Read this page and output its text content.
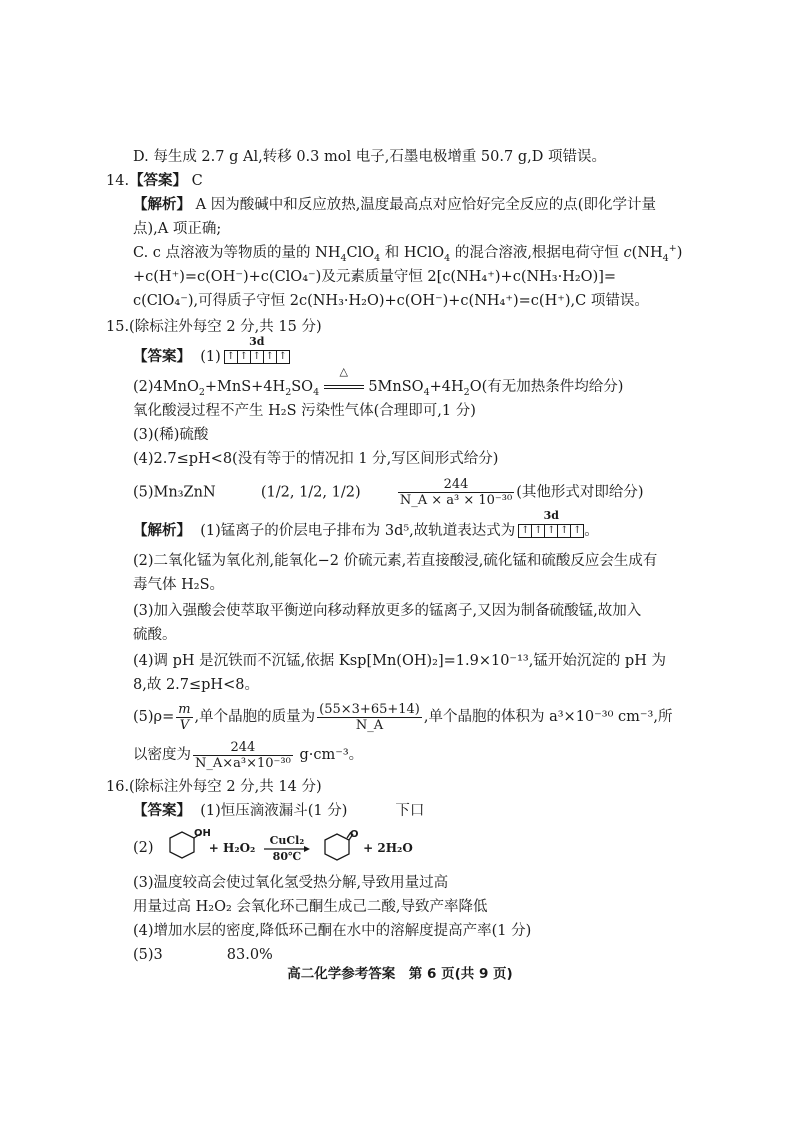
D. 每生成 2.7 g Al,转移 0.3 mol 电子,石墨电极增重 50.7 g,D 项错误。
14.【答案】 C
【解析】 A 因为酸碱中和反应放热,温度最高点对应恰好完全反应的点(即化学计量
点),A 项正确;
C. c 点溶液为等物质的量的 $NH_4ClO_4$ 和 HClO$_4$ 的混合溶液,根据电荷守恒 $c(NH_4^+)$
+c(H⁺)=c(OH⁻)+c(ClO₄⁻)及元素质量守恒 2[c(NH₄⁺)+c(NH₃·H₂O)]=
c(ClO₄⁻),可得质子守恒 2c(NH₃·H₂O)+c(OH⁻)+c(NH₄⁺)=c(H⁺),C 项错误。
15.(除标注外每空 2 分,共 15 分)
【答案】 (1)
3d
↑ ↑ ↑ ↑ ↑
$(2)4MnO_2+MnS+4H_2SO_4$
△
$5MnSO_4+4H_2O$(有无加热条件均给分)
氧化酸浸过程不产生 H₂S 污染性气体(合理即可,1 分)
(3)(稀)硫酸
(4)2.7≤pH<8(没有等于的情况扣 1 分,写区间形式给分)
(5)Mn₃ZnN	(1/2, 1/2, 1/2)	$\frac{244}{\text{N\_A × a³ × 10⁻³⁰}}$ (其他形式对即给分)
【解析】 (1)锰离子的价层电子排布为 3d⁵,故轨道表达式为
3d
↑ ↑ ↑ ↑ ↑ 。
(2)二氧化锰为氧化剂,能氧化−2 价硫元素,若直接酸浸,硫化锰和硫酸反应会生成有
毒气体 H₂S。
(3)加入强酸会使萃取平衡逆向移动释放更多的锰离子,又因为制备硫酸锰,故加入
硫酸。
(4)调 pH 是沉铁而不沉锰,依据 Ksp[Mn(OH)₂]=1.9×10⁻¹³,锰开始沉淀的 pH 为
8,故 2.7≤pH<8。
$(5)\rho= \frac{m}{V}$ ,单个晶胞的质量为 $\frac{(55\times 3+65+14)}{N\_A}$ ,单个晶胞的体积为 a³×10⁻³⁰ cm⁻³,所
以密度为 $\frac{244}{\text{N\_A×a³×10⁻³⁰}} g\cdot cm^{-3}$。
16.(除标注外每空 2 分,共 14 分)
【答案】 (1)恒压滴液漏斗(1 分)	下口
(2)
OH
+ H₂O₂
CuCl₂
80℃

O
+ 2H₂O
(3)温度较高会使过氧化氢受热分解,导致用量过高
用量过高 H₂O₂ 会氧化环己酮生成己二酸,导致产率降低
(4)增加水层的密度,降低环己酮在水中的溶解度提高产率(1 分)
(5)3	83.0%
高二化学参考答案　第 6 页(共 9 页)
